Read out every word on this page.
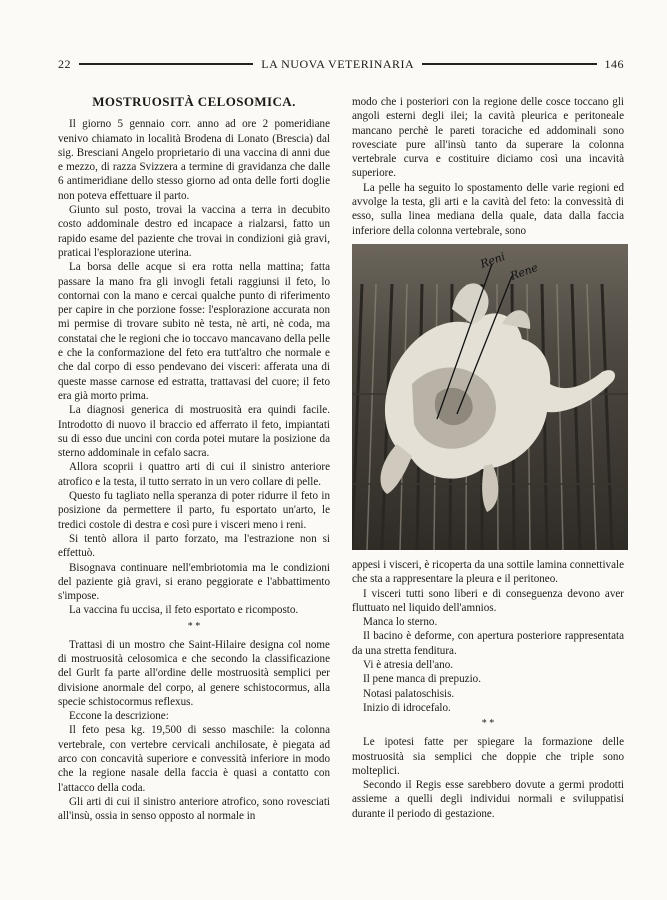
22	LA NUOVA VETERINARIA	146
MOSTRUOSITÀ CELOSOMICA.

Il giorno 5 gennaio corr. anno ad ore 2 pomeridiane venivo chiamato in località Brodena di Lonato (Brescia) dal sig. Bresciani Angelo proprietario di una vaccina di anni due e mezzo, di razza Svizzera a termine di gravidanza che dalle 6 antimeridiane dello stesso giorno ad onta delle forti doglie non poteva effettuare il parto.

Giunto sul posto, trovai la vaccina a terra in decubito costo addominale destro ed incapace a rialzarsi, fatto un rapido esame del paziente che trovai in condizioni già gravi, praticai l'esplorazione uterina.

La borsa delle acque si era rotta nella mattina; fatta passare la mano fra gli invogli fetali raggiunsi il feto, lo contornai con la mano e cercai qualche punto di riferimento per capire in che porzione fosse: l'esplorazione accurata non mi permise di trovare subito nè testa, nè arti, nè coda, ma constatai che le regioni che io toccavo mancavano della pelle e che la conformazione del feto era tutt'altro che normale e che dal corpo di esso pendevano dei visceri: afferata una di queste masse carnose ed estratta, trattavasi del cuore; il feto era già morto prima.

La diagnosi generica di mostruosità era quindi facile. Introdotto di nuovo il braccio ed afferrato il feto, impiantati su di esso due uncini con corda potei mutare la posizione da sterno addominale in cefalo sacra.

Allora scoprii i quattro arti di cui il sinistro anteriore atrofico e la testa, il tutto serrato in un vero collare di pelle.

Questo fu tagliato nella speranza di poter ridurre il feto in posizione da permettere il parto, fu esportato un'arto, le tredici costole di destra e così pure i visceri meno i reni.

Si tentò allora il parto forzato, ma l'estrazione non si effettuò.

Bisognava continuare nell'embriotomia ma le condizioni del paziente già gravi, si erano peggiorate e l'abbattimento s'impose.

La vaccina fu uccisa, il feto esportato e ricomposto.

* *

Trattasi di un mostro che Saint-Hilaire designa col nome di mostruosità celosomica e che secondo la classificazione del Gurlt fa parte all'ordine delle mostruosità semplici per divisione anormale del corpo, al genere schistocormus, alla specie schistocormus reflexus.

Eccone la descrizione:

Il feto pesa kg. 19,500 di sesso maschile: la colonna vertebrale, con vertebre cervicali anchilosate, è piegata ad arco con concavità superiore e convessità inferiore in modo che la regione nasale della faccia è quasi a contatto con l'attacco della coda.

Gli arti di cui il sinistro anteriore atrofico, sono rovesciati all'insù, ossia in senso opposto al normale in

modo che i posteriori con la regione delle cosce toccano gli angoli esterni degli ilei; la cavità pleurica e peritoneale mancano perchè le pareti toraciche ed addominali sono rovesciate pure all'insù tanto da superare la colonna vertebrale curva e costituire diciamo così una incavità superiore.

La pelle ha seguito lo spostamento delle varie regioni ed avvolge la testa, gli arti e la cavità del feto: la convessità di esso, sulla linea mediana della quale, data dalla faccia inferiore della colonna vertebrale, sono

Reni
Rene

appesi i visceri, è ricoperta da una sottile lamina connettivale che sta a rappresentare la pleura e il peritoneo.

I visceri tutti sono liberi e di conseguenza devono aver fluttuato nel liquido dell'amnios.

Manca lo sterno.

Il bacino è deforme, con apertura posteriore rappresentata da una stretta fenditura.

Vi è atresia dell'ano.

Il pene manca di prepuzio.

Notasi palatoschisis.

Inizio di idrocefalo.

* *

Le ipotesi fatte per spiegare la formazione delle mostruosità sia semplici che doppie che triple sono molteplici.

Secondo il Regis esse sarebbero dovute a germi prodotti assieme a quelli degli individui normali e sviluppatisi durante il periodo di gestazione.
